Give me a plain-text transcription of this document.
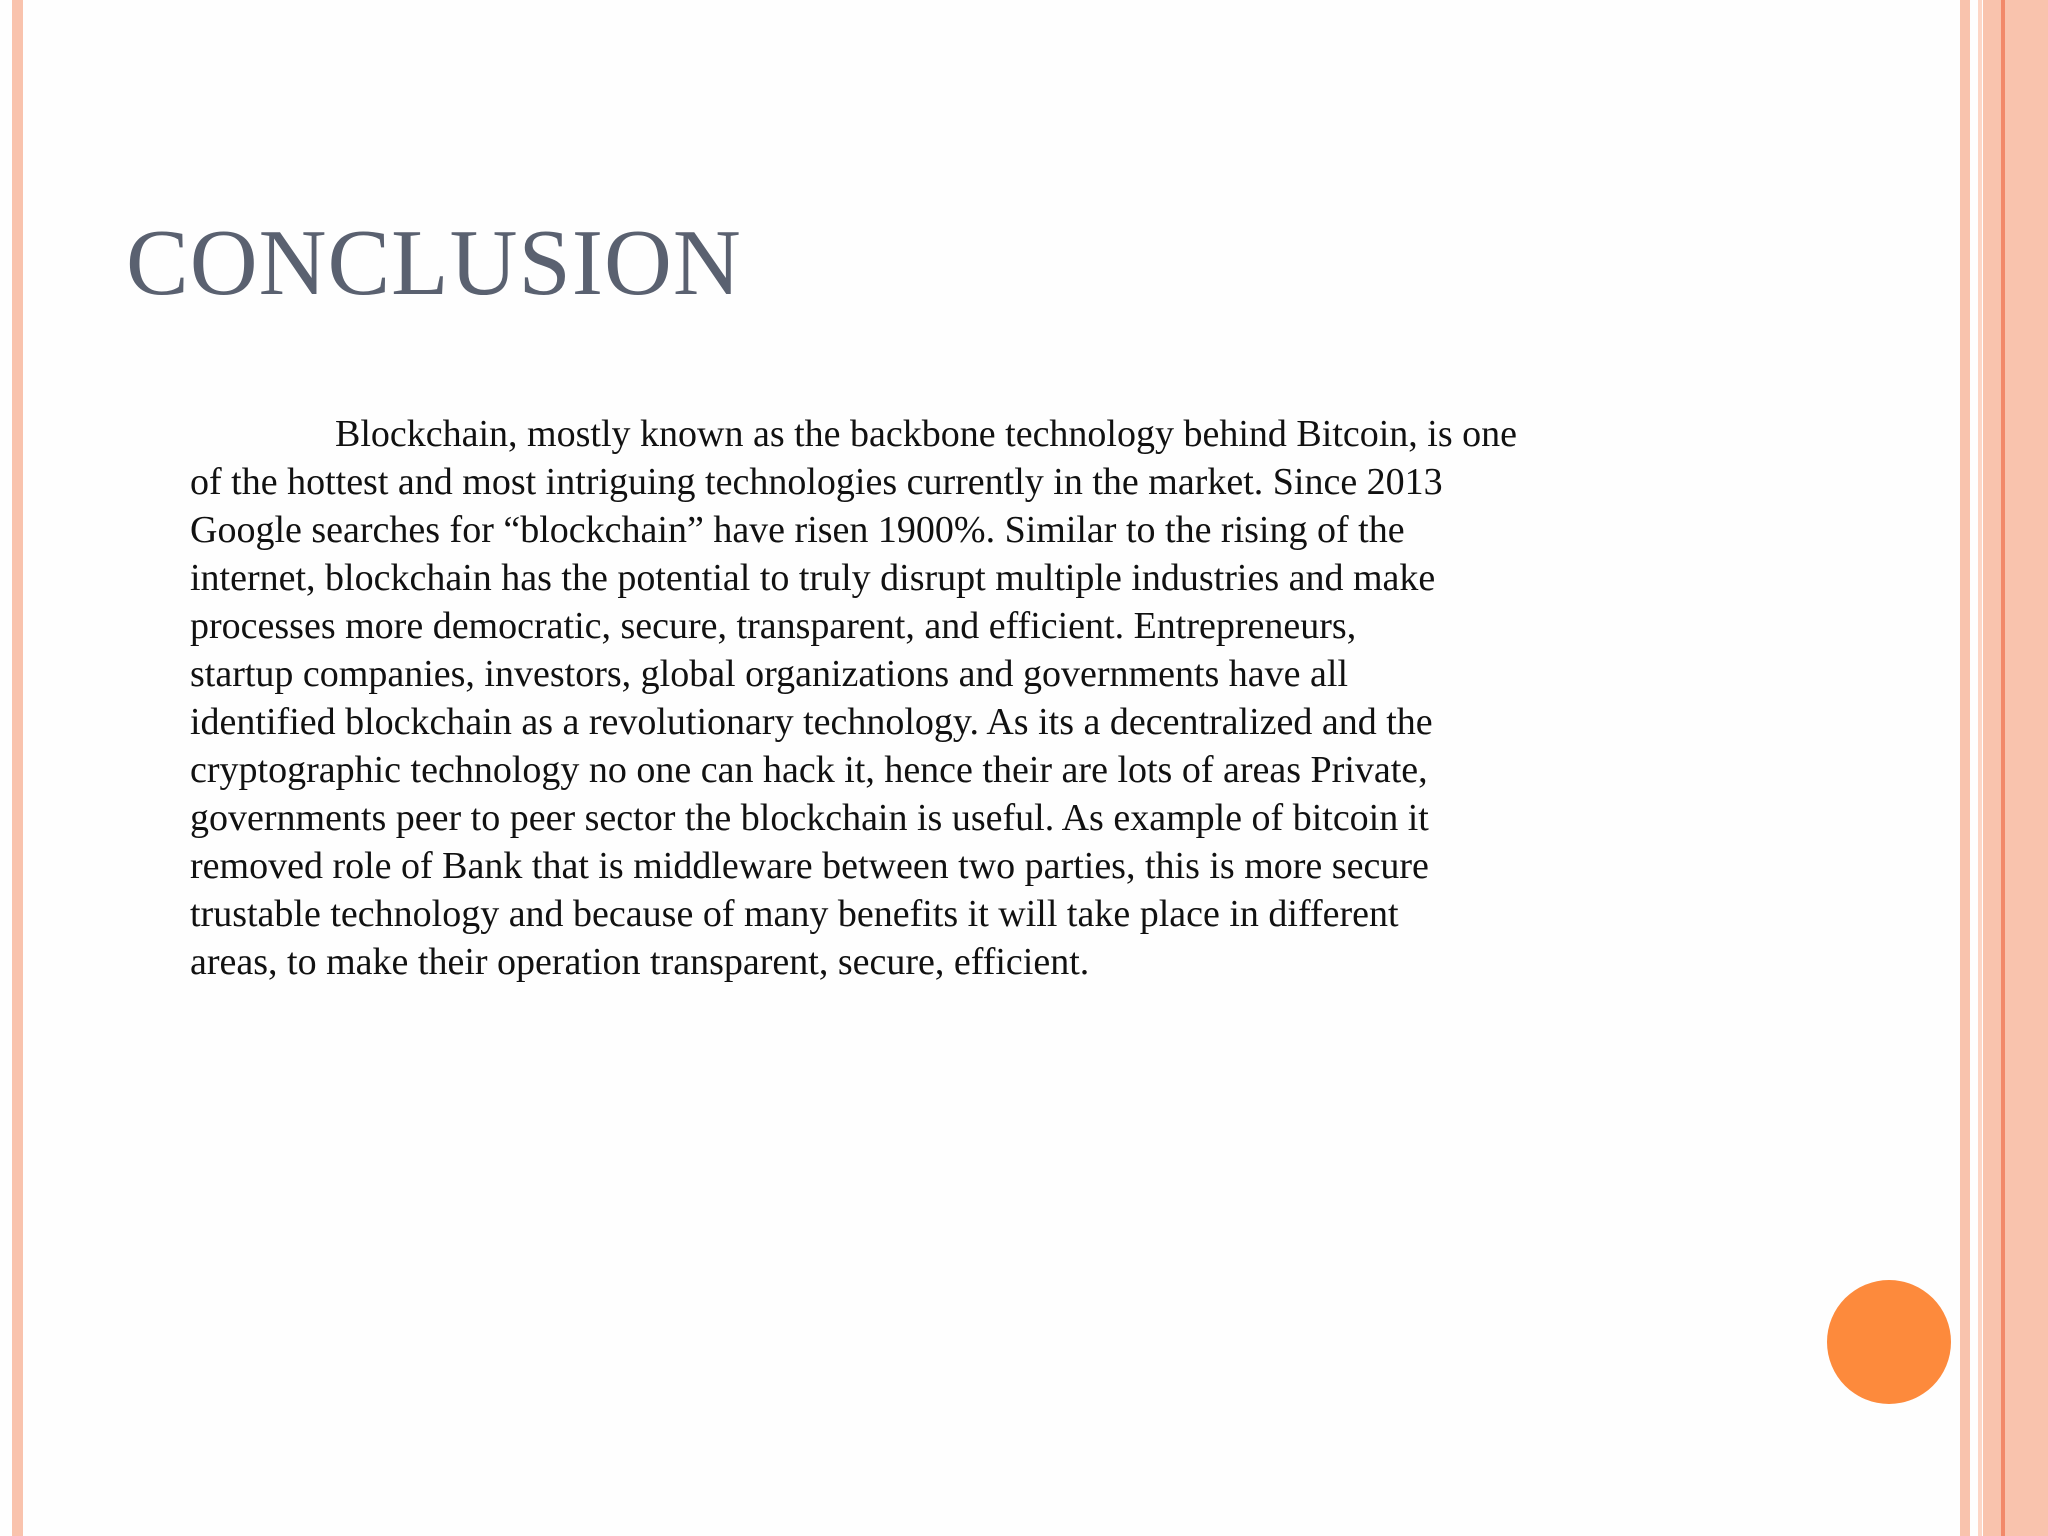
CONCLUSION

Blockchain, mostly known as the backbone technology behind Bitcoin, is one
of the hottest and most intriguing technologies currently in the market. Since 2013
Google searches for “blockchain” have risen 1900%. Similar to the rising of the
internet, blockchain has the potential to truly disrupt multiple industries and make
processes more democratic, secure, transparent, and efficient. Entrepreneurs,
startup companies, investors, global organizations and governments have all
identified blockchain as a revolutionary technology. As its a decentralized and the
cryptographic technology no one can hack it, hence their are lots of areas Private,
governments peer to peer sector the blockchain is useful. As example of bitcoin it
removed role of Bank that is middleware between two parties, this is more secure
trustable technology and because of many benefits it will take place in different
areas, to make their operation transparent, secure, efficient.
